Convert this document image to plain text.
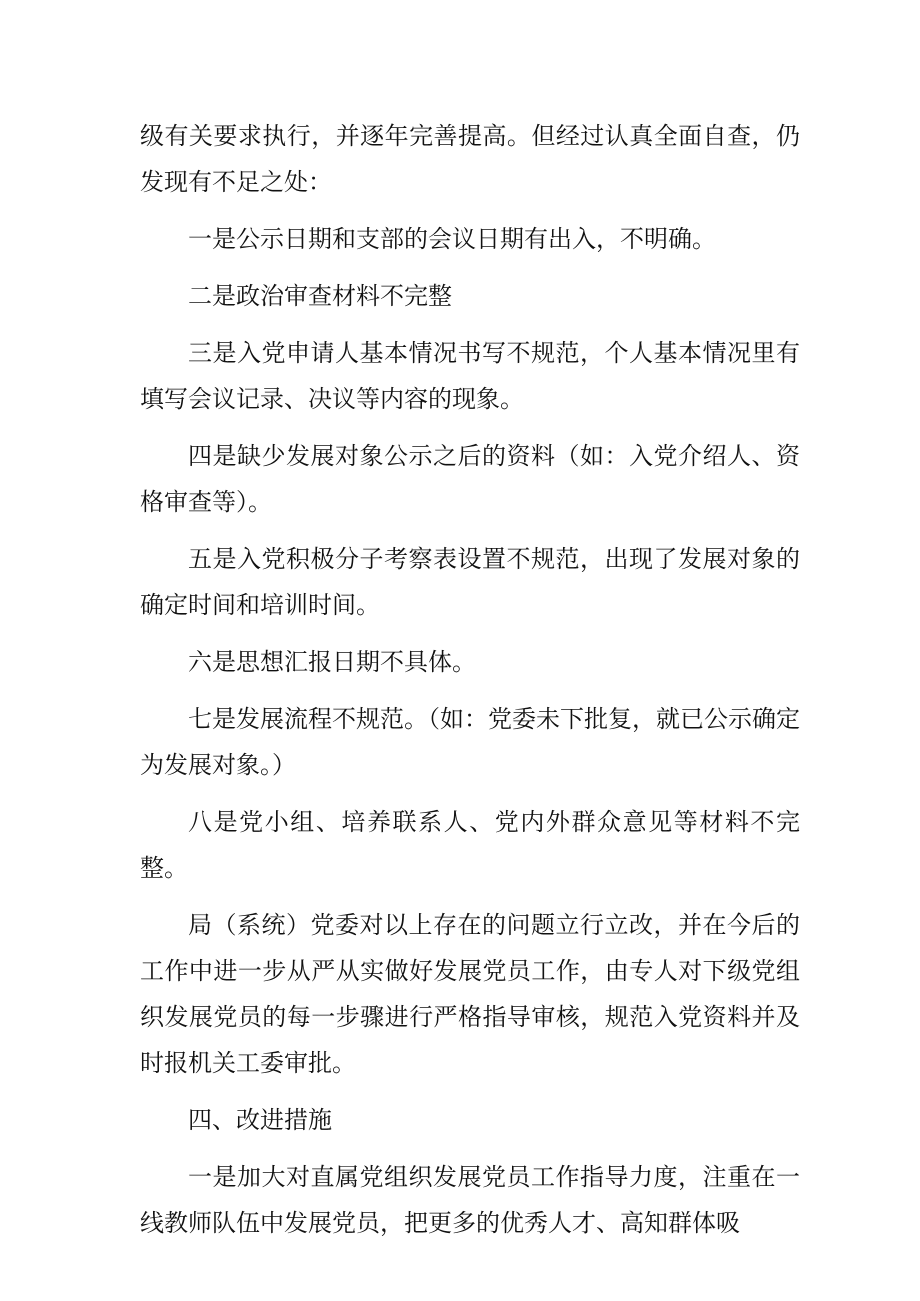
级有关要求执行，并逐年完善提高。但经过认真全面自查，仍发现有不足之处：

一是公示日期和支部的会议日期有出入，不明确。

二是政治审查材料不完整

三是入党申请人基本情况书写不规范，个人基本情况里有填写会议记录、决议等内容的现象。

四是缺少发展对象公示之后的资料（如：入党介绍人、资格审查等）。

五是入党积极分子考察表设置不规范，出现了发展对象的确定时间和培训时间。

六是思想汇报日期不具体。

七是发展流程不规范。（如：党委未下批复，就已公示确定为发展对象。）

八是党小组、培养联系人、党内外群众意见等材料不完整。

局（系统）党委对以上存在的问题立行立改，并在今后的工作中进一步从严从实做好发展党员工作，由专人对下级党组织发展党员的每一步骤进行严格指导审核，规范入党资料并及时报机关工委审批。

四、改进措施

一是加大对直属党组织发展党员工作指导力度，注重在一线教师队伍中发展党员，把更多的优秀人才、高知群体吸
